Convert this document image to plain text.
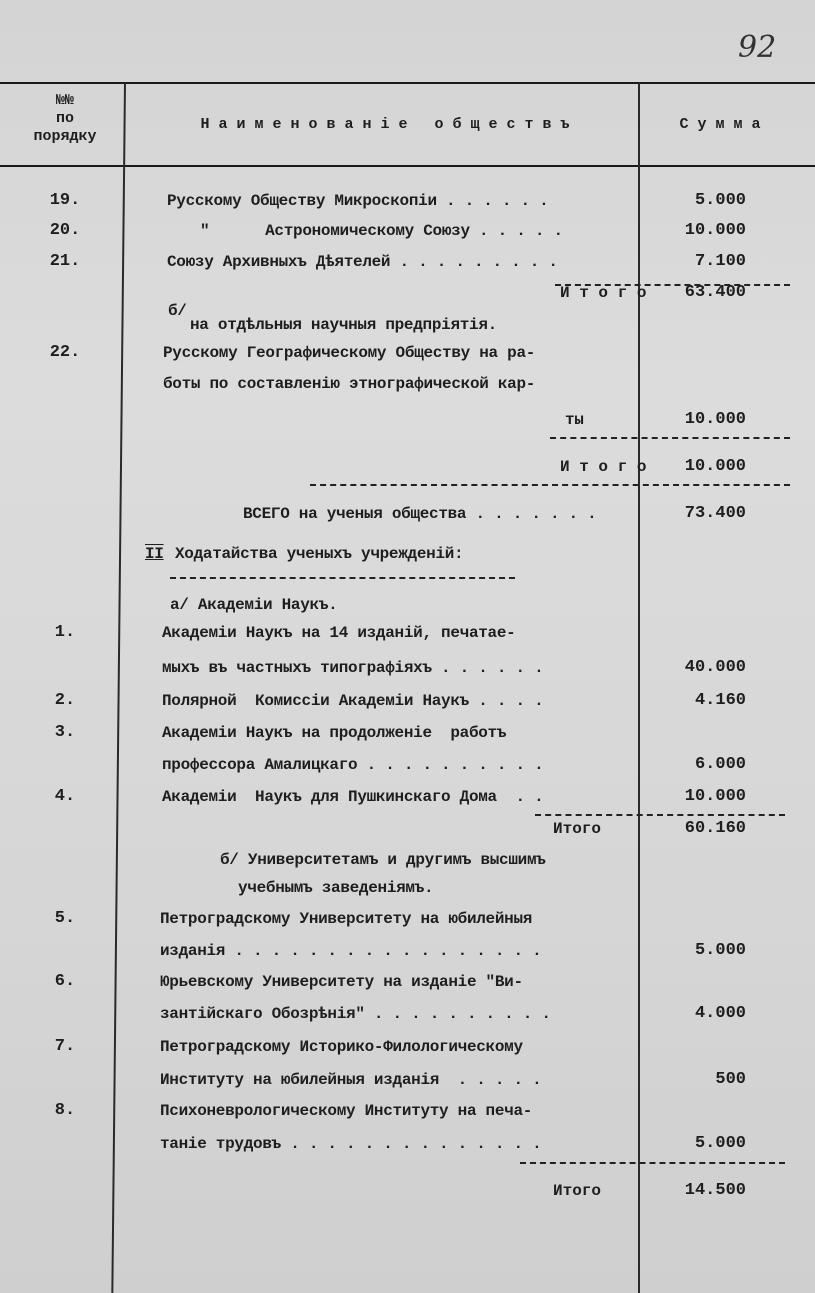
92
№№
по
порядку
Н а и м е н о в а н і е   о б щ е с т в ъ	С у м м а
19.	Русскому Обществу Микроскопіи . . . . . .	5.000
20.	"      Астрономическому Союзу . . . . .	10.000
21.	Союзу Архивныхъ Дѣятелей . . . . . . . . .	7.100
И т о г о	63.400
б/
на отдѣльныя научныя предпріятія.
22.	Русскому Географическому Обществу на ра-
боты по составленію этнографической кар-
ты	10.000
И т о г о	10.000
ВСЕГО на ученыя общества . . . . . . .	73.400
II Ходатайства ученыхъ учрежденій:
а/ Академіи Наукъ.
1.	Академіи Наукъ на 14 изданій, печатае-
мыхъ въ частныхъ типографіяхъ . . . . . .	40.000
2.	Полярной  Комиссіи Академіи Наукъ . . . .	4.160
3.	Академіи Наукъ на продолженіе  работъ
профессора Амалицкаго . . . . . . . . . .	6.000
4.	Академіи  Наукъ для Пушкинскаго Дома  . .	10.000
Итого	60.160
б/ Университетамъ и другимъ высшимъ
учебнымъ заведеніямъ.
5.	Петроградскому Университету на юбилейныя
изданія . . . . . . . . . . . . . . . . .	5.000
6.	Юрьевскому Университету на изданіе "Ви-
зантійскаго Обозрѣнія" . . . . . . . . . .	4.000
7.	Петроградскому Историко-Филологическому
Институту на юбилейныя изданія  . . . . .	500
8.	Психоневрологическому Институту на печа-
таніе трудовъ . . . . . . . . . . . . . .	5.000
Итого	14.500
